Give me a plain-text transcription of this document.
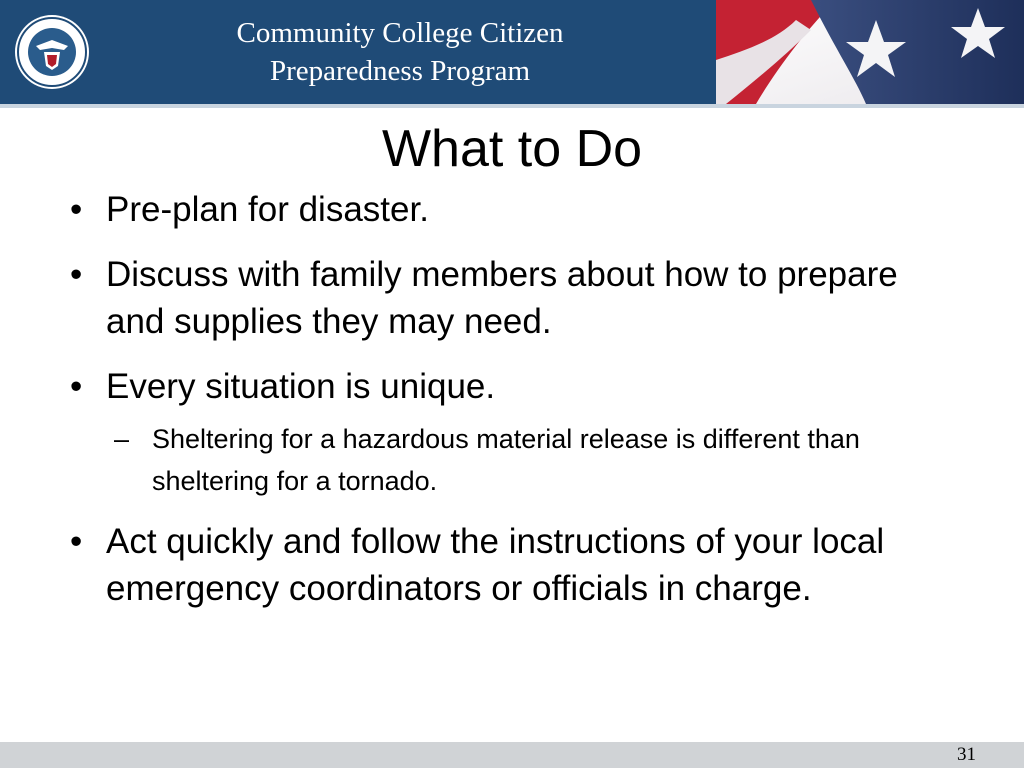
Community College Citizen
Preparedness Program
What to Do
• Pre-plan for disaster.
• Discuss with family members about how to prepare and supplies they may need.
• Every situation is unique.
– Sheltering for a hazardous material release is different than sheltering for a tornado.
• Act quickly and follow the instructions of your local emergency coordinators or officials in charge.
31
